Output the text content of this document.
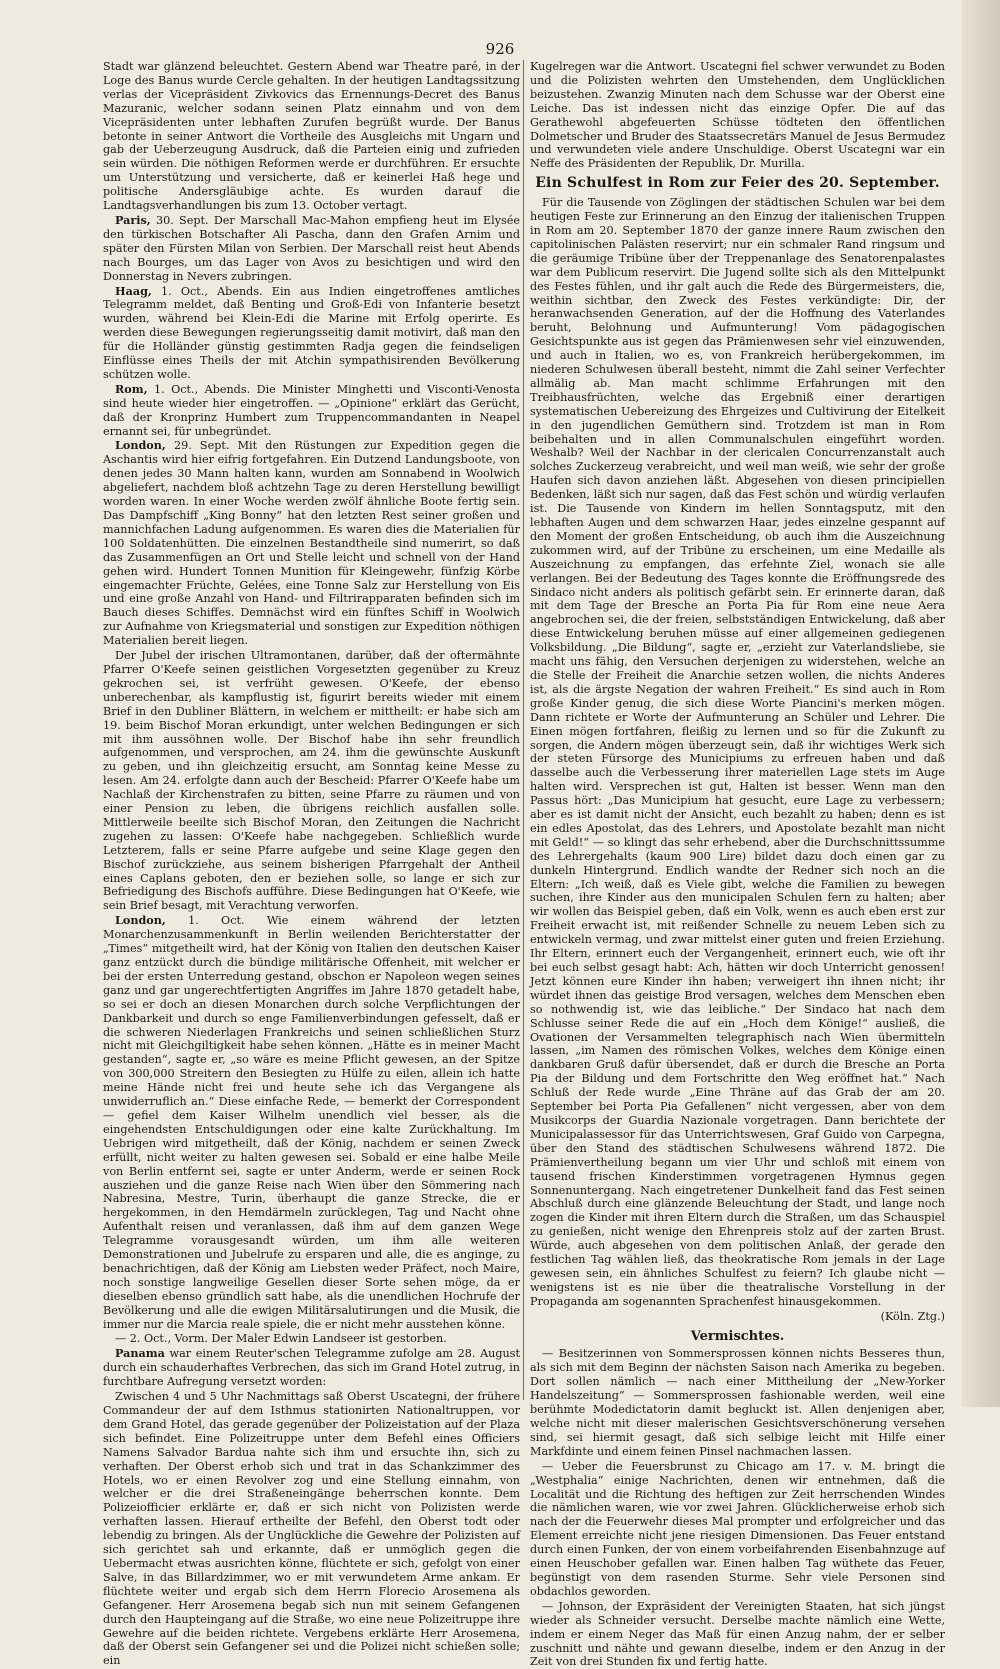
926

Stadt war glänzend beleuchtet. Gestern Abend war Theatre paré, in der Loge des Banus wurde Cercle gehalten. In der heutigen Landtagssitzung verlas der Vicepräsident Zivkovics das Ernennungs-Decret des Banus Mazuranic, welcher sodann seinen Platz einnahm und von dem Vicepräsidenten unter lebhaften Zurufen begrüßt wurde. Der Banus betonte in seiner Antwort die Vortheile des Ausgleichs mit Ungarn und gab der Ueberzeugung Ausdruck, daß die Parteien einig und zufrieden sein würden. Die nöthigen Reformen werde er durchführen. Er ersuchte um Unterstützung und versicherte, daß er keinerlei Haß hege und politische Andersgläubige achte. Es wurden darauf die Landtagsverhandlungen bis zum 13. October vertagt.

Paris, 30. Sept. Der Marschall Mac-Mahon empfieng heut im Elysée den türkischen Botschafter Ali Pascha, dann den Grafen Arnim und später den Fürsten Milan von Serbien. Der Marschall reist heut Abends nach Bourges, um das Lager von Avos zu besichtigen und wird den Donnerstag in Nevers zubringen.

Haag, 1. Oct., Abends. Ein aus Indien eingetroffenes amtliches Telegramm meldet, daß Benting und Groß-Edi von Infanterie besetzt wurden, während bei Klein-Edi die Marine mit Erfolg operirte. Es werden diese Bewegungen regierungsseitig damit motivirt, daß man den für die Holländer günstig gestimmten Radja gegen die feindseligen Einflüsse eines Theils der mit Atchin sympathisirenden Bevölkerung schützen wolle.

Rom, 1. Oct., Abends. Die Minister Minghetti und Visconti-Venosta sind heute wieder hier eingetroffen. — „Opinione“ erklärt das Gerücht, daß der Kronprinz Humbert zum Truppencommandanten in Neapel ernannt sei, für unbegründet.

London, 29. Sept. Mit den Rüstungen zur Expedition gegen die Aschantis wird hier eifrig fortgefahren. Ein Dutzend Landungsboote, von denen jedes 30 Mann halten kann, wurden am Sonnabend in Woolwich abgeliefert, nachdem bloß achtzehn Tage zu deren Herstellung bewilligt worden waren. In einer Woche werden zwölf ähnliche Boote fertig sein. Das Dampfschiff „King Bonny“ hat den letzten Rest seiner großen und mannichfachen Ladung aufgenommen. Es waren dies die Materialien für 100 Soldatenhütten. Die einzelnen Bestandtheile sind numerirt, so daß das Zusammenfügen an Ort und Stelle leicht und schnell von der Hand gehen wird. Hundert Tonnen Munition für Kleingewehr, fünfzig Körbe eingemachter Früchte, Gelées, eine Tonne Salz zur Herstellung von Eis und eine große Anzahl von Hand- und Filtrirapparaten befinden sich im Bauch dieses Schiffes. Demnächst wird ein fünftes Schiff in Woolwich zur Aufnahme von Kriegsmaterial und sonstigen zur Expedition nöthigen Materialien bereit liegen.

Der Jubel der irischen Ultramontanen, darüber, daß der oftermähnte Pfarrer O'Keefe seinen geistlichen Vorgesetzten gegenüber zu Kreuz gekrochen sei, ist verfrüht gewesen. O'Keefe, der ebenso unberechenbar, als kampflustig ist, figurirt bereits wieder mit einem Brief in den Dubliner Blättern, in welchem er mittheilt: er habe sich am 19. beim Bischof Moran erkundigt, unter welchen Bedingungen er sich mit ihm aussöhnen wolle. Der Bischof habe ihn sehr freundlich aufgenommen, und versprochen, am 24. ihm die gewünschte Auskunft zu geben, und ihn gleichzeitig ersucht, am Sonntag keine Messe zu lesen. Am 24. erfolgte dann auch der Bescheid: Pfarrer O'Keefe habe um Nachlaß der Kirchenstrafen zu bitten, seine Pfarre zu räumen und von einer Pension zu leben, die übrigens reichlich ausfallen solle. Mittlerweile beeilte sich Bischof Moran, den Zeitungen die Nachricht zugehen zu lassen: O'Keefe habe nachgegeben. Schließlich wurde Letzterem, falls er seine Pfarre aufgebe und seine Klage gegen den Bischof zurückziehe, aus seinem bisherigen Pfarrgehalt der Antheil eines Caplans geboten, den er beziehen solle, so lange er sich zur Befriedigung des Bischofs aufführe. Diese Bedingungen hat O'Keefe, wie sein Brief besagt, mit Verachtung verworfen.

London, 1. Oct. Wie einem während der letzten Monarchenzusammenkunft in Berlin weilenden Berichterstatter der „Times“ mitgetheilt wird, hat der König von Italien den deutschen Kaiser ganz entzückt durch die bündige militärische Offenheit, mit welcher er bei der ersten Unterredung gestand, obschon er Napoleon wegen seines ganz und gar ungerechtfertigten Angriffes im Jahre 1870 getadelt habe, so sei er doch an diesen Monarchen durch solche Verpflichtungen der Dankbarkeit und durch so enge Familienverbindungen gefesselt, daß er die schweren Niederlagen Frankreichs und seinen schließlichen Sturz nicht mit Gleichgiltigkeit habe sehen können. „Hätte es in meiner Macht gestanden“, sagte er, „so wäre es meine Pflicht gewesen, an der Spitze von 300,000 Streitern den Besiegten zu Hülfe zu eilen, allein ich hatte meine Hände nicht frei und heute sehe ich das Vergangene als unwiderruflich an.“ Diese einfache Rede, — bemerkt der Correspondent — gefiel dem Kaiser Wilhelm unendlich viel besser, als die eingehendsten Entschuldigungen oder eine kalte Zurückhaltung. Im Uebrigen wird mitgetheilt, daß der König, nachdem er seinen Zweck erfüllt, nicht weiter zu halten gewesen sei. Sobald er eine halbe Meile von Berlin entfernt sei, sagte er unter Anderm, werde er seinen Rock ausziehen und die ganze Reise nach Wien über den Sömmering nach Nabresina, Mestre, Turin, überhaupt die ganze Strecke, die er hergekommen, in den Hemdärmeln zurücklegen, Tag und Nacht ohne Aufenthalt reisen und veranlassen, daß ihm auf dem ganzen Wege Telegramme vorausgesandt würden, um ihm alle weiteren Demonstrationen und Jubelrufe zu ersparen und alle, die es anginge, zu benachrichtigen, daß der König am Liebsten weder Präfect, noch Maire, noch sonstige langweilige Gesellen dieser Sorte sehen möge, da er dieselben ebenso gründlich satt habe, als die unendlichen Hochrufe der Bevölkerung und alle die ewigen Militärsalutirungen und die Musik, die immer nur die Marcia reale spiele, die er nicht mehr ausstehen könne.

— 2. Oct., Vorm. Der Maler Edwin Landseer ist gestorben.

Panama war einem Reuter'schen Telegramme zufolge am 28. August durch ein schauderhaftes Verbrechen, das sich im Grand Hotel zutrug, in furchtbare Aufregung versetzt worden:

Zwischen 4 und 5 Uhr Nachmittags saß Oberst Uscategni, der frühere Commandeur der auf dem Isthmus stationirten Nationaltruppen, vor dem Grand Hotel, das gerade gegenüber der Polizeistation auf der Plaza sich befindet. Eine Polizeitruppe unter dem Befehl eines Officiers Namens Salvador Bardua nahte sich ihm und ersuchte ihn, sich zu verhaften. Der Oberst erhob sich und trat in das Schankzimmer des Hotels, wo er einen Revolver zog und eine Stellung einnahm, von welcher er die drei Straßeneingänge beherrschen konnte. Dem Polizeiofficier erklärte er, daß er sich nicht von Polizisten werde verhaften lassen. Hierauf ertheilte der Befehl, den Oberst todt oder lebendig zu bringen. Als der Unglückliche die Gewehre der Polizisten auf sich gerichtet sah und erkannte, daß er unmöglich gegen die Uebermacht etwas ausrichten könne, flüchtete er sich, gefolgt von einer Salve, in das Billardzimmer, wo er mit verwundetem Arme ankam. Er flüchtete weiter und ergab sich dem Herrn Florecio Arosemena als Gefangener. Herr Arosemena begab sich nun mit seinem Gefangenen durch den Haupteingang auf die Straße, wo eine neue Polizeitruppe ihre Gewehre auf die beiden richtete. Vergebens erklärte Herr Arosemena, daß der Oberst sein Gefangener sei und die Polizei nicht schießen solle; ein

Kugelregen war die Antwort. Uscategni fiel schwer verwundet zu Boden und die Polizisten wehrten den Umstehenden, dem Unglücklichen beizustehen. Zwanzig Minuten nach dem Schusse war der Oberst eine Leiche. Das ist indessen nicht das einzige Opfer. Die auf das Gerathewohl abgefeuerten Schüsse tödteten den öffentlichen Dolmetscher und Bruder des Staatssecretärs Manuel de Jesus Bermudez und verwundeten viele andere Unschuldige. Oberst Uscategni war ein Neffe des Präsidenten der Republik, Dr. Murilla.

Ein Schulfest in Rom zur Feier des 20. September.

Für die Tausende von Zöglingen der städtischen Schulen war bei dem heutigen Feste zur Erinnerung an den Einzug der italienischen Truppen in Rom am 20. September 1870 der ganze innere Raum zwischen den capitolinischen Palästen reservirt; nur ein schmaler Rand ringsum und die geräumige Tribüne über der Treppenanlage des Senatorenpalastes war dem Publicum reservirt. Die Jugend sollte sich als den Mittelpunkt des Festes fühlen, und ihr galt auch die Rede des Bürgermeisters, die, weithin sichtbar, den Zweck des Festes verkündigte: Dir, der heranwachsenden Generation, auf der die Hoffnung des Vaterlandes beruht, Belohnung und Aufmunterung! Vom pädagogischen Gesichtspunkte aus ist gegen das Prämienwesen sehr viel einzuwenden, und auch in Italien, wo es, von Frankreich herübergekommen, im niederen Schulwesen überall besteht, nimmt die Zahl seiner Verfechter allmälig ab. Man macht schlimme Erfahrungen mit den Treibhausfrüchten, welche das Ergebniß einer derartigen systematischen Uebereizung des Ehrgeizes und Cultivirung der Eitelkeit in den jugendlichen Gemüthern sind. Trotzdem ist man in Rom beibehalten und in allen Communalschulen eingeführt worden. Weshalb? Weil der Nachbar in der clericalen Concurrenzanstalt auch solches Zuckerzeug verabreicht, und weil man weiß, wie sehr der große Haufen sich davon anziehen läßt. Abgesehen von diesen principiellen Bedenken, läßt sich nur sagen, daß das Fest schön und würdig verlaufen ist. Die Tausende von Kindern im hellen Sonntagsputz, mit den lebhaften Augen und dem schwarzen Haar, jedes einzelne gespannt auf den Moment der großen Entscheidung, ob auch ihm die Auszeichnung zukommen wird, auf der Tribüne zu erscheinen, um eine Medaille als Auszeichnung zu empfangen, das erfehnte Ziel, wonach sie alle verlangen. Bei der Bedeutung des Tages konnte die Eröffnungsrede des Sindaco nicht anders als politisch gefärbt sein. Er erinnerte daran, daß mit dem Tage der Bresche an Porta Pia für Rom eine neue Aera angebrochen sei, die der freien, selbstständigen Entwickelung, daß aber diese Entwickelung beruhen müsse auf einer allgemeinen gediegenen Volksbildung. „Die Bildung“, sagte er, „erzieht zur Vaterlandsliebe, sie macht uns fähig, den Versuchen derjenigen zu widerstehen, welche an die Stelle der Freiheit die Anarchie setzen wollen, die nichts Anderes ist, als die ärgste Negation der wahren Freiheit.“ Es sind auch in Rom große Kinder genug, die sich diese Worte Piancini's merken mögen. Dann richtete er Worte der Aufmunterung an Schüler und Lehrer. Die Einen mögen fortfahren, fleißig zu lernen und so für die Zukunft zu sorgen, die Andern mögen überzeugt sein, daß ihr wichtiges Werk sich der steten Fürsorge des Municipiums zu erfreuen haben und daß dasselbe auch die Verbesserung ihrer materiellen Lage stets im Auge halten wird. Versprechen ist gut, Halten ist besser. Wenn man den Passus hört: „Das Municipium hat gesucht, eure Lage zu verbessern; aber es ist damit nicht der Ansicht, euch bezahlt zu haben; denn es ist ein edles Apostolat, das des Lehrers, und Apostolate bezahlt man nicht mit Geld!“ — so klingt das sehr erhebend, aber die Durchschnittssumme des Lehrergehalts (kaum 900 Lire) bildet dazu doch einen gar zu dunkeln Hintergrund. Endlich wandte der Redner sich noch an die Eltern: „Ich weiß, daß es Viele gibt, welche die Familien zu bewegen suchen, ihre Kinder aus den municipalen Schulen fern zu halten; aber wir wollen das Beispiel geben, daß ein Volk, wenn es auch eben erst zur Freiheit erwacht ist, mit reißender Schnelle zu neuem Leben sich zu entwickeln vermag, und zwar mittelst einer guten und freien Erziehung. Ihr Eltern, erinnert euch der Vergangenheit, erinnert euch, wie oft ihr bei euch selbst gesagt habt: Ach, hätten wir doch Unterricht genossen! Jetzt können eure Kinder ihn haben; verweigert ihn ihnen nicht; ihr würdet ihnen das geistige Brod versagen, welches dem Menschen eben so nothwendig ist, wie das leibliche.“ Der Sindaco hat nach dem Schlusse seiner Rede die auf ein „Hoch dem Könige!“ ausließ, die Ovationen der Versammelten telegraphisch nach Wien übermitteln lassen, „im Namen des römischen Volkes, welches dem Könige einen dankbaren Gruß dafür übersendet, daß er durch die Bresche an Porta Pia der Bildung und dem Fortschritte den Weg eröffnet hat.“ Nach Schluß der Rede wurde „Eine Thräne auf das Grab der am 20. September bei Porta Pia Gefallenen“ nicht vergessen, aber von dem Musikcorps der Guardia Nazionale vorgetragen. Dann berichtete der Municipalassessor für das Unterrichtswesen, Graf Guido von Carpegna, über den Stand des städtischen Schulwesens während 1872. Die Prämienvertheilung begann um vier Uhr und schloß mit einem von tausend frischen Kinderstimmen vorgetragenen Hymnus gegen Sonnenuntergang. Nach eingetretener Dunkelheit fand das Fest seinen Abschluß durch eine glänzende Beleuchtung der Stadt, und lange noch zogen die Kinder mit ihren Eltern durch die Straßen, um das Schauspiel zu genießen, nicht wenige den Ehrenpreis stolz auf der zarten Brust. Würde, auch abgesehen von dem politischen Anlaß, der gerade den festlichen Tag wählen ließ, das theokratische Rom jemals in der Lage gewesen sein, ein ähnliches Schulfest zu feiern? Ich glaube nicht — wenigstens ist es nie über die theatralische Vorstellung in der Propaganda am sogenannten Sprachenfest hinausgekommen.

(Köln. Ztg.)

Vermischtes.

— Besitzerinnen von Sommersprossen können nichts Besseres thun, als sich mit dem Beginn der nächsten Saison nach Amerika zu begeben. Dort sollen nämlich — nach einer Mittheilung der „New-Yorker Handelszeitung“ — Sommersprossen fashionable werden, weil eine berühmte Modedictatorin damit begluckt ist. Allen denjenigen aber, welche nicht mit dieser malerischen Gesichtsverschönerung versehen sind, sei hiermit gesagt, daß sich selbige leicht mit Hilfe einer Markfdinte und einem feinen Pinsel nachmachen lassen.

— Ueber die Feuersbrunst zu Chicago am 17. v. M. bringt die „Westphalia“ einige Nachrichten, denen wir entnehmen, daß die Localität und die Richtung des heftigen zur Zeit herrschenden Windes die nämlichen waren, wie vor zwei Jahren. Glücklicherweise erhob sich nach der die Feuerwehr dieses Mal prompter und erfolgreicher und das Element erreichte nicht jene riesigen Dimensionen. Das Feuer entstand durch einen Funken, der von einem vorbeifahrenden Eisenbahnzuge auf einen Heuschober gefallen war. Einen halben Tag wüthete das Feuer, begünstigt von dem rasenden Sturme. Sehr viele Personen sind obdachlos geworden.

— Johnson, der Expräsident der Vereinigten Staaten, hat sich jüngst wieder als Schneider versucht. Derselbe machte nämlich eine Wette, indem er einem Neger das Maß für einen Anzug nahm, der er selber zuschnitt und nähte und gewann dieselbe, indem er den Anzug in der Zeit von drei Stunden fix und fertig hatte.
